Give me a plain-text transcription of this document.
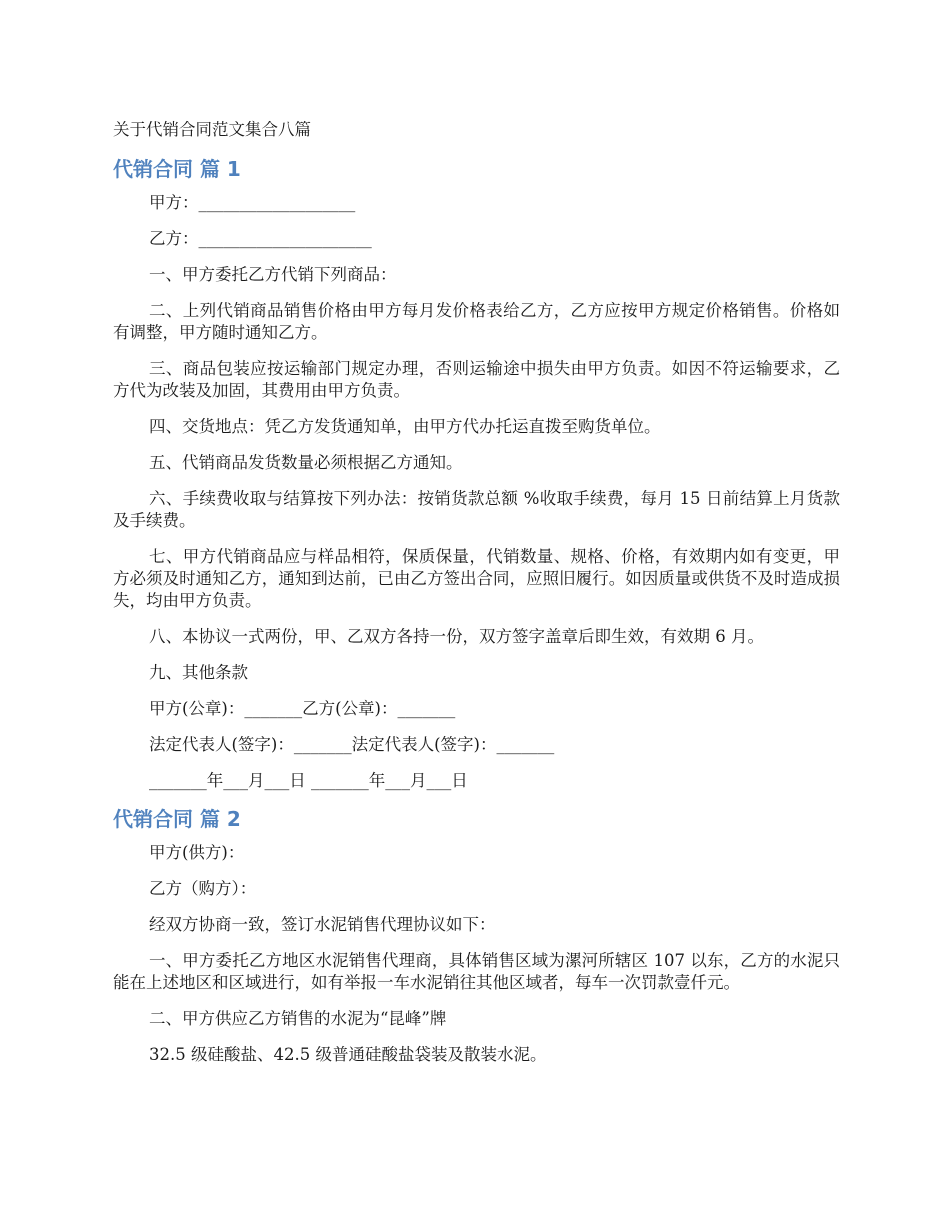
关于代销合同范文集合八篇
代销合同 篇 1

甲方：___________________

乙方：_____________________

一、甲方委托乙方代销下列商品：

二、上列代销商品销售价格由甲方每月发价格表给乙方，乙方应按甲方规定价格销售。价格如有调整，甲方随时通知乙方。

三、商品包装应按运输部门规定办理，否则运输途中损失由甲方负责。如因不符运输要求，乙方代为改装及加固，其费用由甲方负责。

四、交货地点：凭乙方发货通知单，由甲方代办托运直拨至购货单位。

五、代销商品发货数量必须根据乙方通知。

六、手续费收取与结算按下列办法：按销货款总额 %收取手续费，每月 15 日前结算上月货款及手续费。

七、甲方代销商品应与样品相符，保质保量，代销数量、规格、价格，有效期内如有变更，甲方必须及时通知乙方，通知到达前，已由乙方签出合同，应照旧履行。如因质量或供货不及时造成损失，均由甲方负责。

八、本协议一式两份，甲、乙双方各持一份，双方签字盖章后即生效，有效期 6 月。

九、其他条款

甲方(公章)：_______乙方(公章)：_______

法定代表人(签字)：_______法定代表人(签字)：_______

_______年___月___日 _______年___月___日

代销合同 篇 2

甲方(供方)：

乙方（购方）：

经双方协商一致，签订水泥销售代理协议如下：

一、甲方委托乙方地区水泥销售代理商，具体销售区域为漯河所辖区 107 以东，乙方的水泥只能在上述地区和区域进行，如有举报一车水泥销往其他区域者，每车一次罚款壹仟元。

二、甲方供应乙方销售的水泥为“昆峰”牌

32.5 级硅酸盐、42.5 级普通硅酸盐袋装及散装水泥。
